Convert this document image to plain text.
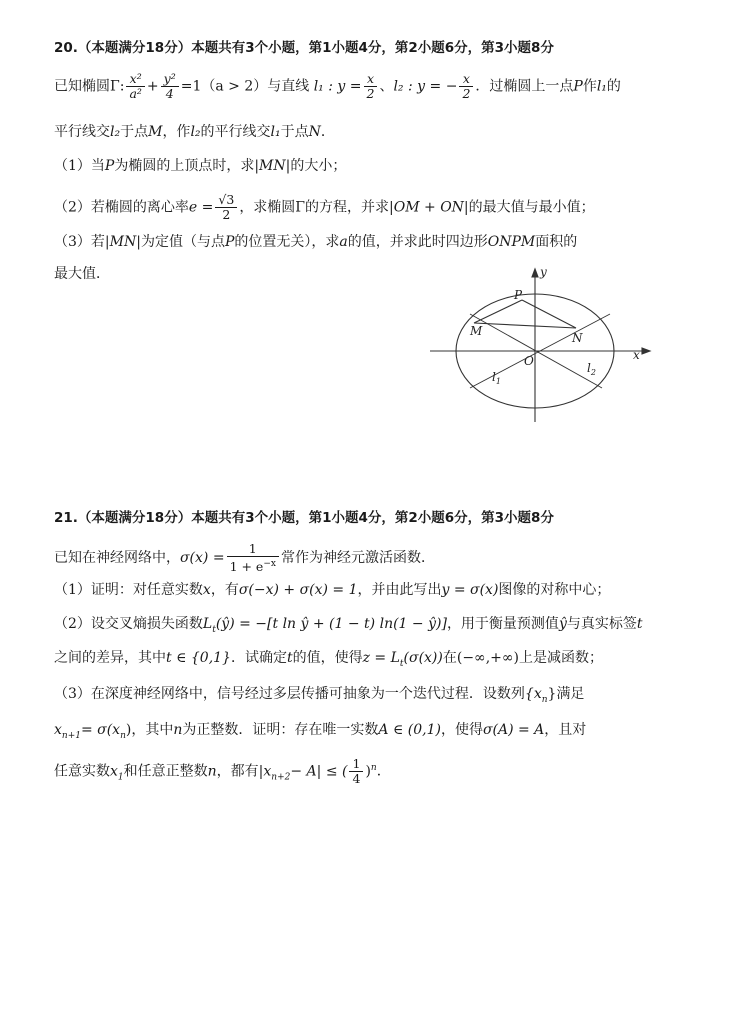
20.（本题满分18分）本题共有3个小题，第1小题4分，第2小题6分，第3小题8分
已知椭圆Γ: $\frac{\text{x²}}{\text{a²}} + \frac{\text{y²}}{4} =1(a > 2)$与直线 l₁ : $y = \frac{x}{2}$ 、l₂ : y = − $\frac{x}{2}$ ．过椭圆上一点P作l₁的
平行线交l₂于点M，作l₂的平行线交l₁于点N．
（1）当P为椭圆的上顶点时，求|MN|的大小；
（2）若椭圆的离心率$e = \frac{√3}{2}$ ，求椭圆Γ的方程，并求|OM + ON|的最大值与最小值；
（3）若|MN|为定值（与点P的位置无关），求a的值，并求此时四边形ONPM面积的
最大值．	y
x
P
M	N
O
$l_1$
$l_2$
21.（本题满分18分）本题共有3个小题，第1小题4分，第2小题6分，第3小题8分
已知在神经网络中，$\sigma(x) = \frac{1}{1 + e^{-x}}$ 常作为神经元激活函数．
（1）证明：对任意实数x，有σ(−x) + σ(x) = 1，并由此写出y = σ(x)图像的对称中心；
（2）设交叉熵损失函数$L_t(ŷ) = -[t$ ln ŷ + (1 − t) ln(1 − ŷ)]，用于衡量预测值ŷ与真实标签t
之间的差异，其中t ∈ {0,1}．试确定t的值，使得$z = L_t(\sigma(x))$在(−∞,+∞)上是减函数；
（3）在深度神经网络中，信号经过多层传播可抽象为一个迭代过程．设数列$\{x_n\}$满足
$x_{n+1}= \sigma(x_n)$，其中n为正整数．证明：存在唯一实数A ∈ (0,1)，使得σ(A) = A，且对
任意实数$x_1$和任意正整数n，都有$|x_{n+2}- A|$ ≤ ( $\frac{1}{4} )^n$．
